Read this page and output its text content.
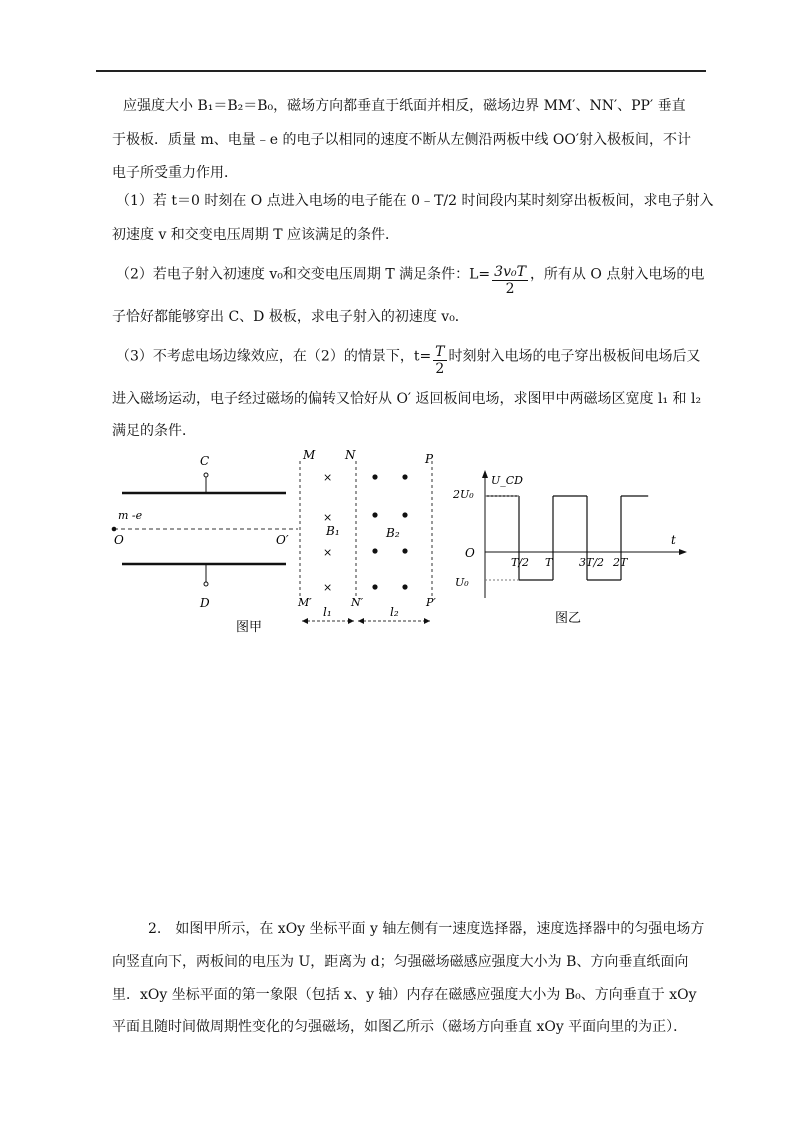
应强度大小 B₁＝B₂＝B₀，磁场方向都垂直于纸面并相反，磁场边界 MM′、NN′、PP′ 垂直
于极板．质量 m、电量﹣e 的电子以相同的速度不断从左侧沿两板中线 OO′射入极板间，不计
电子所受重力作用．
（1）若 t＝0 时刻在 O 点进入电场的电子能在 0﹣T/2 时间段内某时刻穿出板板间，求电子射入
初速度 v 和交变电压周期 T 应该满足的条件．
（2）若电子射入初速度 v₀和交变电压周期 T 满足条件：$L= \frac{\text{3v₀T}}{2}$ ，所有从 O 点射入电场的电
子恰好都能够穿出 C、D 极板，求电子射入的初速度 v₀．
（3）不考虑电场边缘效应，在（2）的情景下，$t= \frac{T}{2}$ 时刻射入电场的电子穿出极板间电场后又
进入磁场运动，电子经过磁场的偏转又恰好从 O′ 返回板间电场，求图甲中两磁场区宽度 l₁ 和 l₂
满足的条件．
C
D
m -e
O	O′
M N	P
M′	N′	P′
×
×
×
×
B₁	B₂
l₁	l₂
图甲
U_CD
t
O
2U₀
U₀
T/2 T 3T/2 2T
图乙
2.　如图甲所示，在 xOy 坐标平面 y 轴左侧有一速度选择器，速度选择器中的匀强电场方
向竖直向下，两板间的电压为 U，距离为 d；匀强磁场磁感应强度大小为 B、方向垂直纸面向
里．xOy 坐标平面的第一象限（包括 x、y 轴）内存在磁感应强度大小为 B₀、方向垂直于 xOy
平面且随时间做周期性变化的匀强磁场，如图乙所示（磁场方向垂直 xOy 平面向里的为正）．
